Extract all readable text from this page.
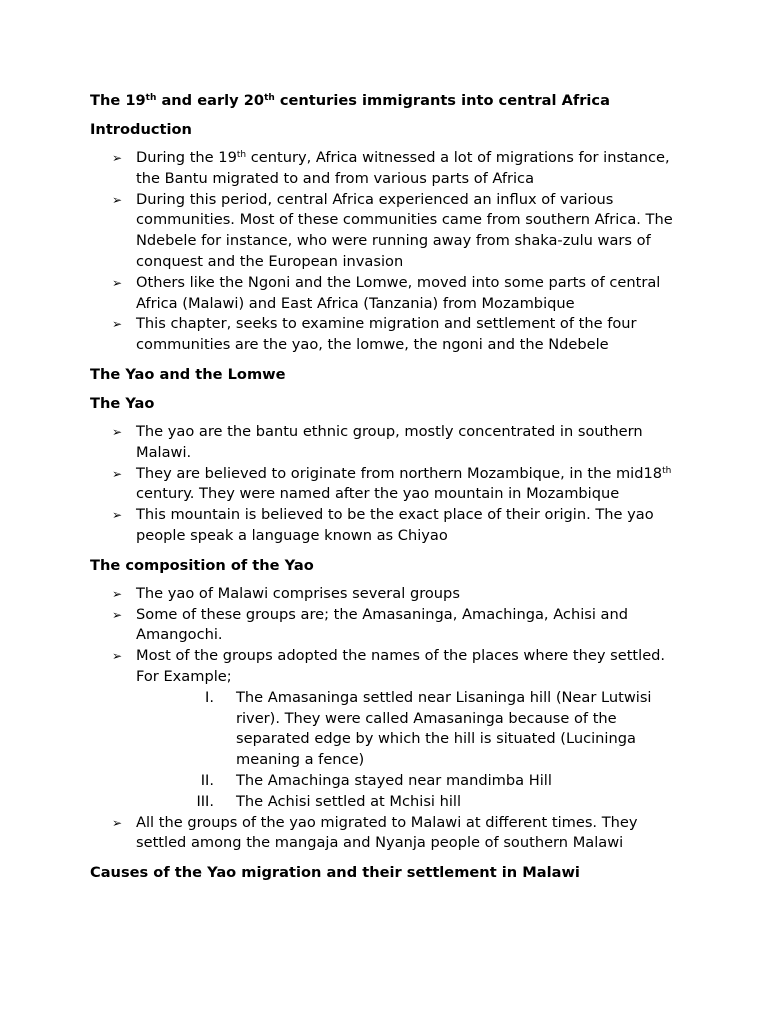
The 19th and early 20th centuries immigrants into central Africa

Introduction

➢ During the 19th century, Africa witnessed a lot of migrations for instance, the Bantu migrated to and from various parts of Africa
➢ During this period, central Africa experienced an influx of various communities. Most of these communities came from southern Africa. The Ndebele for instance, who were running away from shaka-zulu wars of conquest and the European invasion
➢ Others like the Ngoni and the Lomwe, moved into some parts of central Africa (Malawi) and East Africa (Tanzania) from Mozambique
➢ This chapter, seeks to examine migration and settlement of the four communities are the yao, the lomwe, the ngoni and the Ndebele

The Yao and the Lomwe

The Yao

➢ The yao are the bantu ethnic group, mostly concentrated in southern Malawi.
➢ They are believed to originate from northern Mozambique, in the mid18th century. They were named after the yao mountain in Mozambique
➢ This mountain is believed to be the exact place of their origin. The yao people speak a language known as Chiyao

The composition of the Yao

➢ The yao of Malawi comprises several groups
➢ Some of these groups are; the Amasaninga, Amachinga, Achisi and Amangochi.
➢ Most of the groups adopted the names of the places where they settled. For Example;
I. The Amasaninga settled near Lisaninga hill (Near Lutwisi river). They were called Amasaninga because of the separated edge by which the hill is situated (Lucininga meaning a fence)
II. The Amachinga stayed near mandimba Hill
III. The Achisi settled at Mchisi hill
➢ All the groups of the yao migrated to Malawi at different times. They settled among the mangaja and Nyanja people of southern Malawi

Causes of the Yao migration and their settlement in Malawi
